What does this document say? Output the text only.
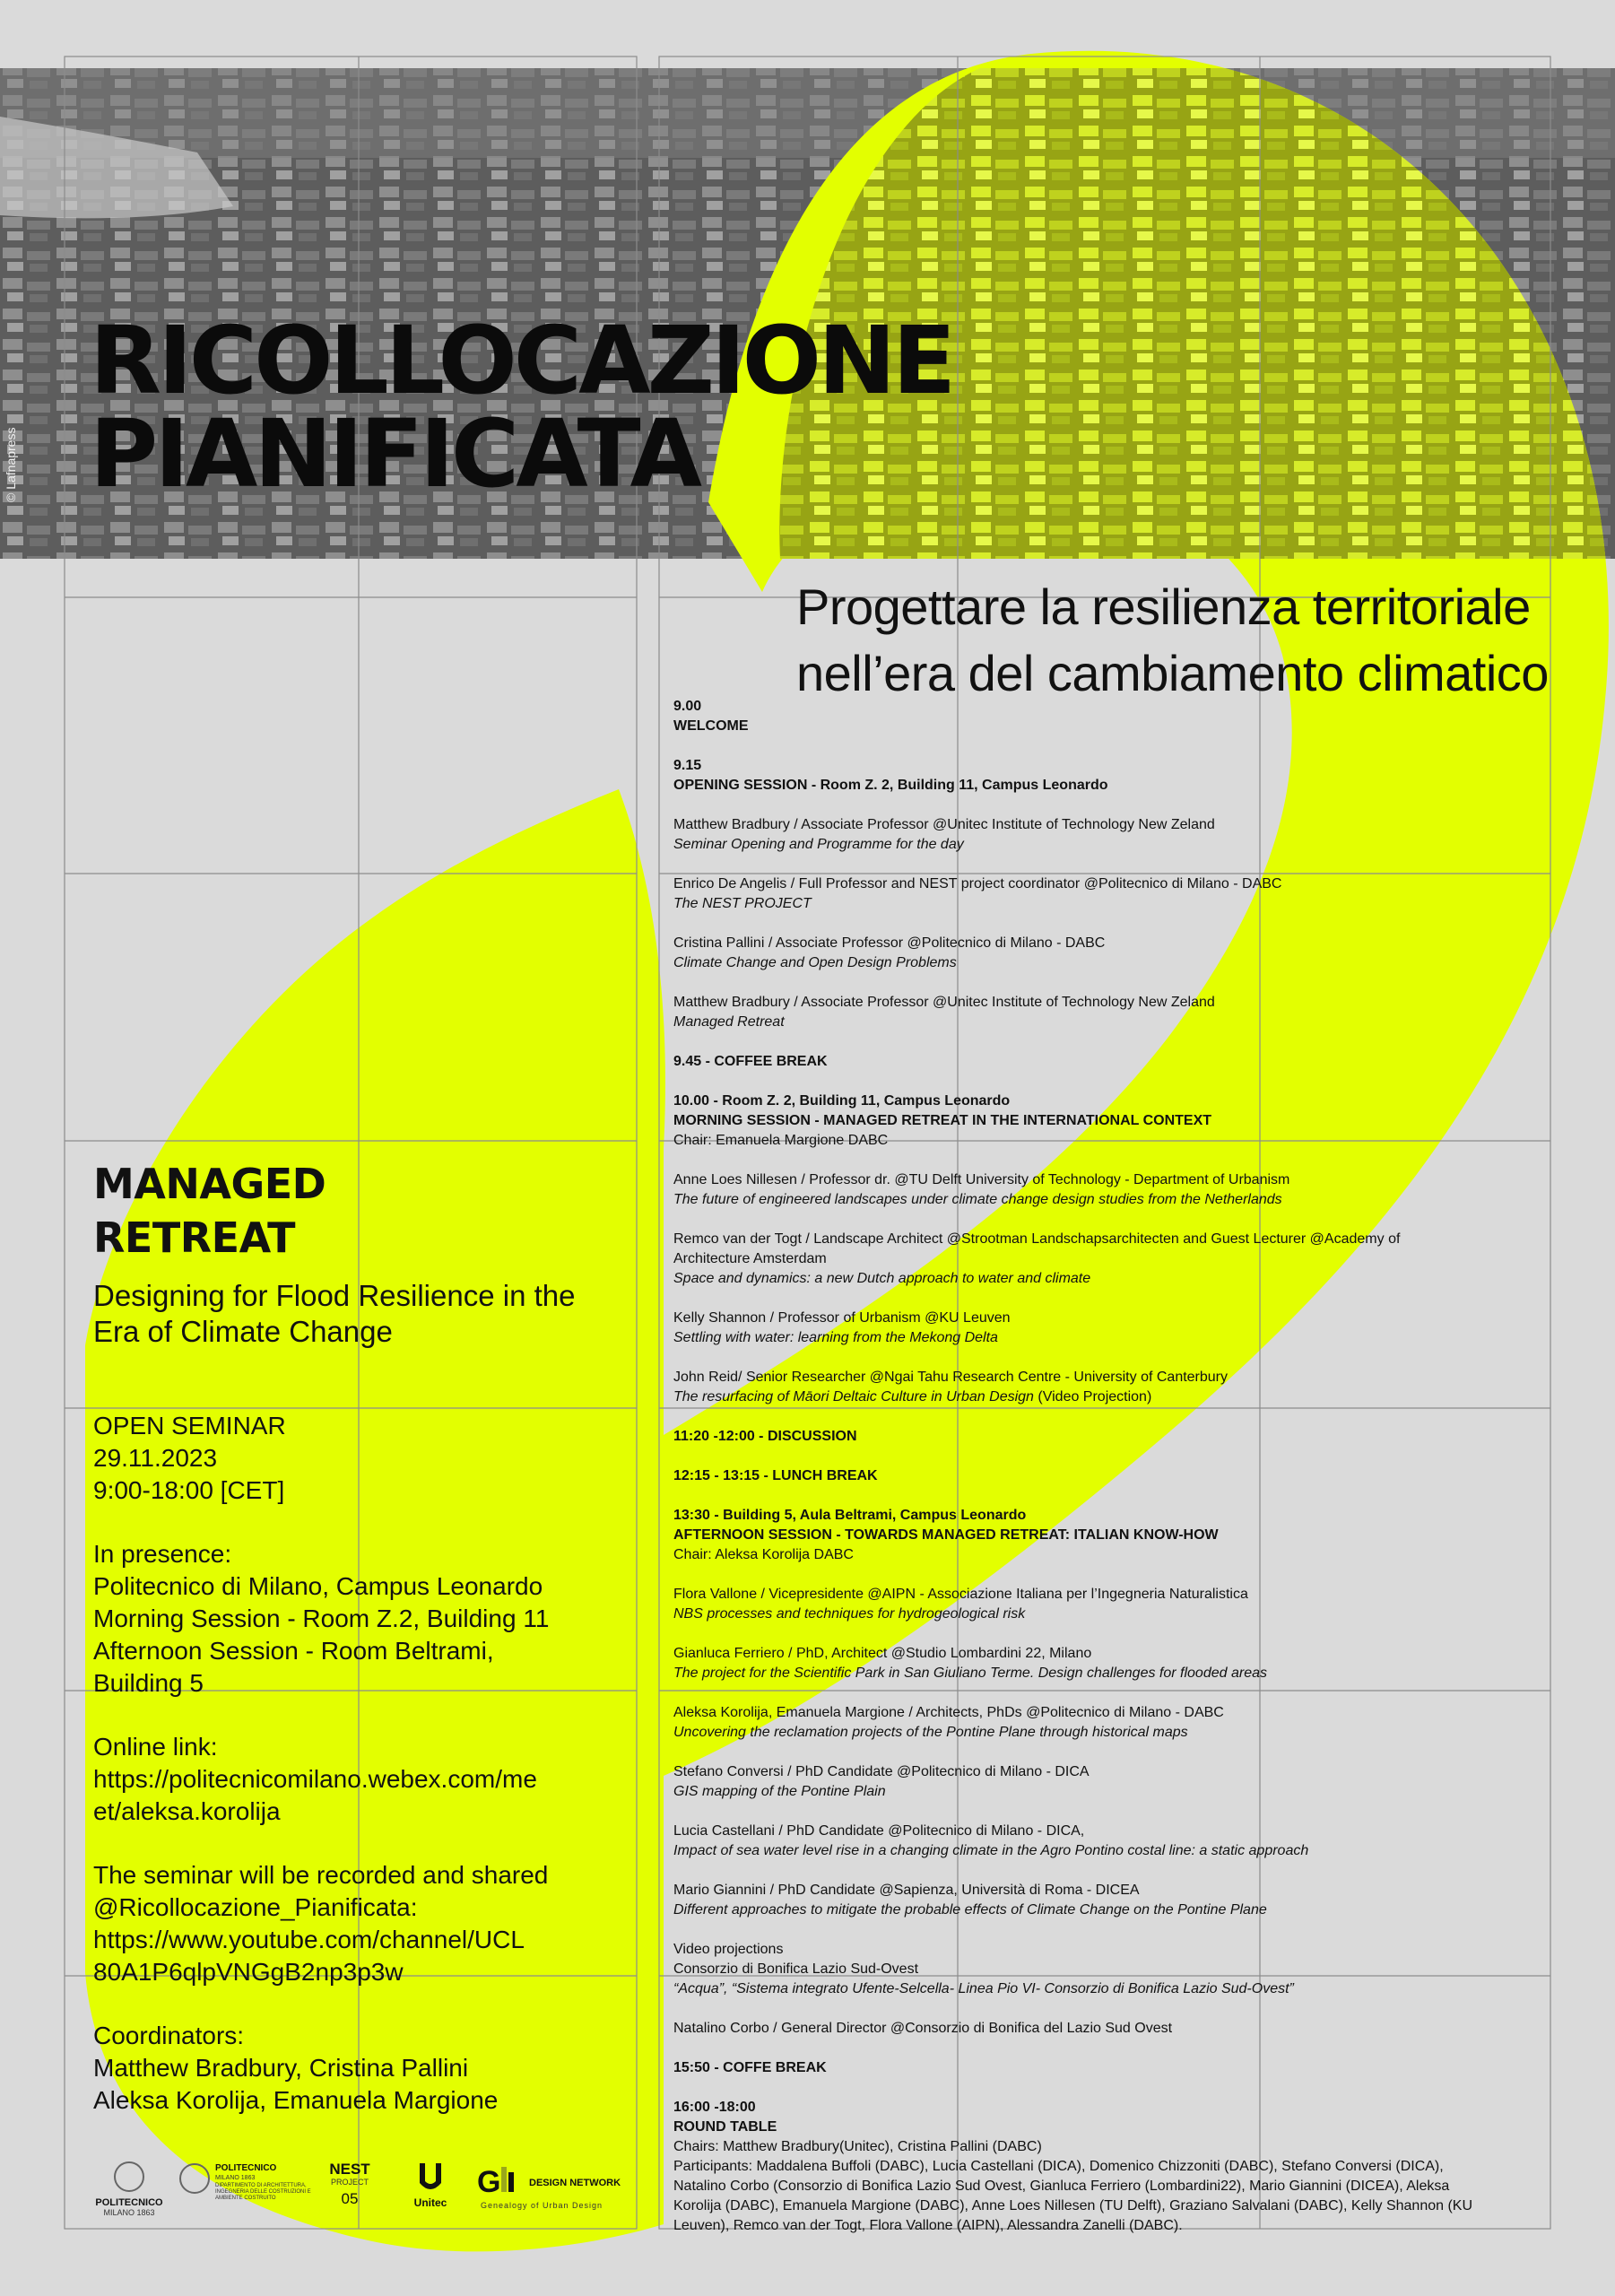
© Lafnapress
RICOLLOCAZIONE
PIANIFICATA
Progettare la resilienza territoriale
nell’era del cambiamento climatico
MANAGED
RETREAT
Designing for Flood Resilience in the
Era of Climate Change
OPEN SEMINAR
29.11.2023
9:00-18:00 [CET]
In presence:
Politecnico di Milano, Campus Leonardo
Morning Session - Room Z.2, Building 11
Afternoon Session - Room Beltrami,
Building 5
Online link:
https://politecnicomilano.webex.com/me
et/aleksa.korolija
The seminar will be recorded and shared
@Ricollocazione_Pianificata:
https://www.youtube.com/channel/UCL
80A1P6qlpVNGgB2np3p3w
Coordinators:
Matthew Bradbury, Cristina Pallini
Aleksa Korolija, Emanuela Margione
9.00
WELCOME
9.15
OPENING SESSION - Room Z. 2, Building 11, Campus Leonardo
Matthew Bradbury / Associate Professor @Unitec Institute of Technology New Zeland
Seminar Opening and Programme for the day
Enrico De Angelis / Full Professor and NEST project coordinator @Politecnico di Milano - DABC
The NEST PROJECT
Cristina Pallini / Associate Professor @Politecnico di Milano - DABC
Climate Change and Open Design Problems
Matthew Bradbury / Associate Professor @Unitec Institute of Technology New Zeland
Managed Retreat
9.45 - COFFEE BREAK
10.00 - Room Z. 2, Building 11, Campus Leonardo
MORNING SESSION - MANAGED RETREAT IN THE INTERNATIONAL CONTEXT
Chair: Emanuela Margione DABC
Anne Loes Nillesen / Professor dr. @TU Delft University of Technology - Department of Urbanism
The future of engineered landscapes under climate change design studies from the Netherlands
Remco van der Togt / Landscape Architect @Strootman Landschapsarchitecten and Guest Lecturer @Academy of
Architecture Amsterdam
Space and dynamics: a new Dutch approach to water and climate
Kelly Shannon / Professor of Urbanism @KU Leuven
Settling with water: learning from the Mekong Delta
John Reid/ Senior Researcher @Ngai Tahu Research Centre - University of Canterbury
The resurfacing of Māori Deltaic Culture in Urban Design (Video Projection)
11:20 -12:00 - DISCUSSION
12:15 - 13:15 - LUNCH BREAK
13:30 - Building 5, Aula Beltrami, Campus Leonardo
AFTERNOON SESSION - TOWARDS MANAGED RETREAT: ITALIAN KNOW-HOW
Chair: Aleksa Korolija DABC
Flora Vallone / Vicepresidente @AIPN - Associazione Italiana per l’Ingegneria Naturalistica
NBS processes and techniques for hydrogeological risk
Gianluca Ferriero / PhD, Architect @Studio Lombardini 22, Milano
The project for the Scientific Park in San Giuliano Terme. Design challenges for flooded areas
Aleksa Korolija, Emanuela Margione / Architects, PhDs @Politecnico di Milano - DABC
Uncovering the reclamation projects of the Pontine Plane through historical maps
Stefano Conversi / PhD Candidate @Politecnico di Milano - DICA
GIS mapping of the Pontine Plain
Lucia Castellani / PhD Candidate @Politecnico di Milano - DICA,
Impact of sea water level rise in a changing climate in the Agro Pontino costal line: a static approach
Mario Giannini / PhD Candidate @Sapienza, Università di Roma - DICEA
Different approaches to mitigate the probable effects of Climate Change on the Pontine Plane
Video projections
Consorzio di Bonifica Lazio Sud-Ovest
“Acqua”, “Sistema integrato Ufente-Selcella- Linea Pio VI- Consorzio di Bonifica Lazio Sud-Ovest”
Natalino Corbo / General Director @Consorzio di Bonifica del Lazio Sud Ovest
15:50 - COFFE BREAK
16:00 -18:00
ROUND TABLE
Chairs: Matthew Bradbury(Unitec), Cristina Pallini (DABC)
Participants: Maddalena Buffoli (DABC), Lucia Castellani (DICA), Domenico Chizzoniti (DABC), Stefano Conversi (DICA),
Natalino Corbo (Consorzio di Bonifica Lazio Sud Ovest, Gianluca Ferriero (Lombardini22), Mario Giannini (DICEA), Aleksa
Korolija (DABC), Emanuela Margione (DABC), Anne Loes Nillesen (TU Delft), Graziano Salvalani (DABC), Kelly Shannon (KU
Leuven), Remco van der Togt, Flora Vallone (AIPN), Alessandra Zanelli (DABC).
POLITECNICO
MILANO 1863
POLITECNICO
MILANO 1863
DIPARTIMENTO DI ARCHITETTURA, INGEGNERIA DELLE COSTRUZIONI E AMBIENTE COSTRUITO
NEST
PROJECT
05	Unitec
G	DESIGN NETWORK
Genealogy of Urban Design
